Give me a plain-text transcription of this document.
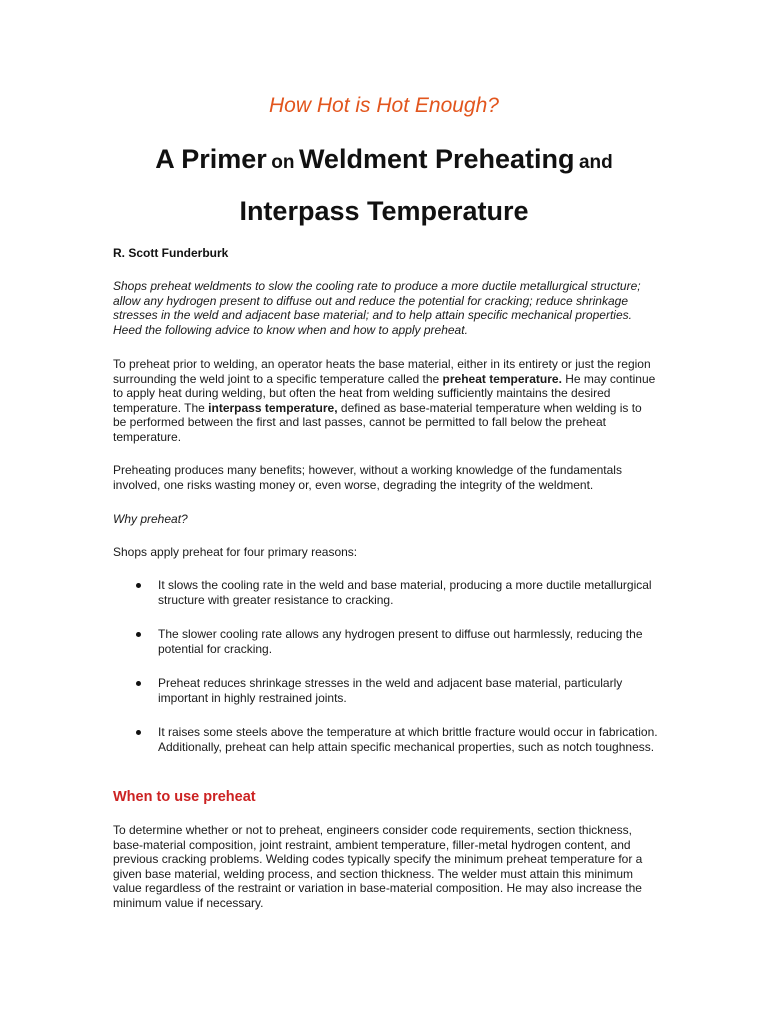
How Hot is Hot Enough?
A Primer on Weldment Preheating and
Interpass Temperature
R. Scott Funderburk

Shops preheat weldments to slow the cooling rate to produce a more ductile metallurgical structure; allow any hydrogen present to diffuse out and reduce the potential for cracking; reduce shrinkage stresses in the weld and adjacent base material; and to help attain specific mechanical properties. Heed the following advice to know when and how to apply preheat.

To preheat prior to welding, an operator heats the base material, either in its entirety or just the region surrounding the weld joint to a specific temperature called the preheat temperature. He may continue to apply heat during welding, but often the heat from welding sufficiently maintains the desired temperature. The interpass temperature, defined as base-material temperature when welding is to be performed between the first and last passes, cannot be permitted to fall below the preheat temperature.

Preheating produces many benefits; however, without a working knowledge of the fundamentals involved, one risks wasting money or, even worse, degrading the integrity of the weldment.

Why preheat?

Shops apply preheat for four primary reasons:

It slows the cooling rate in the weld and base material, producing a more ductile metallurgical structure with greater resistance to cracking.
The slower cooling rate allows any hydrogen present to diffuse out harmlessly, reducing the potential for cracking.
Preheat reduces shrinkage stresses in the weld and adjacent base material, particularly important in highly restrained joints.
It raises some steels above the temperature at which brittle fracture would occur in fabrication. Additionally, preheat can help attain specific mechanical properties, such as notch toughness.
When to use preheat

To determine whether or not to preheat, engineers consider code requirements, section thickness, base-material composition, joint restraint, ambient temperature, filler-metal hydrogen content, and previous cracking problems. Welding codes typically specify the minimum preheat temperature for a given base material, welding process, and section thickness. The welder must attain this minimum value regardless of the restraint or variation in base-material composition. He may also increase the minimum value if necessary.
